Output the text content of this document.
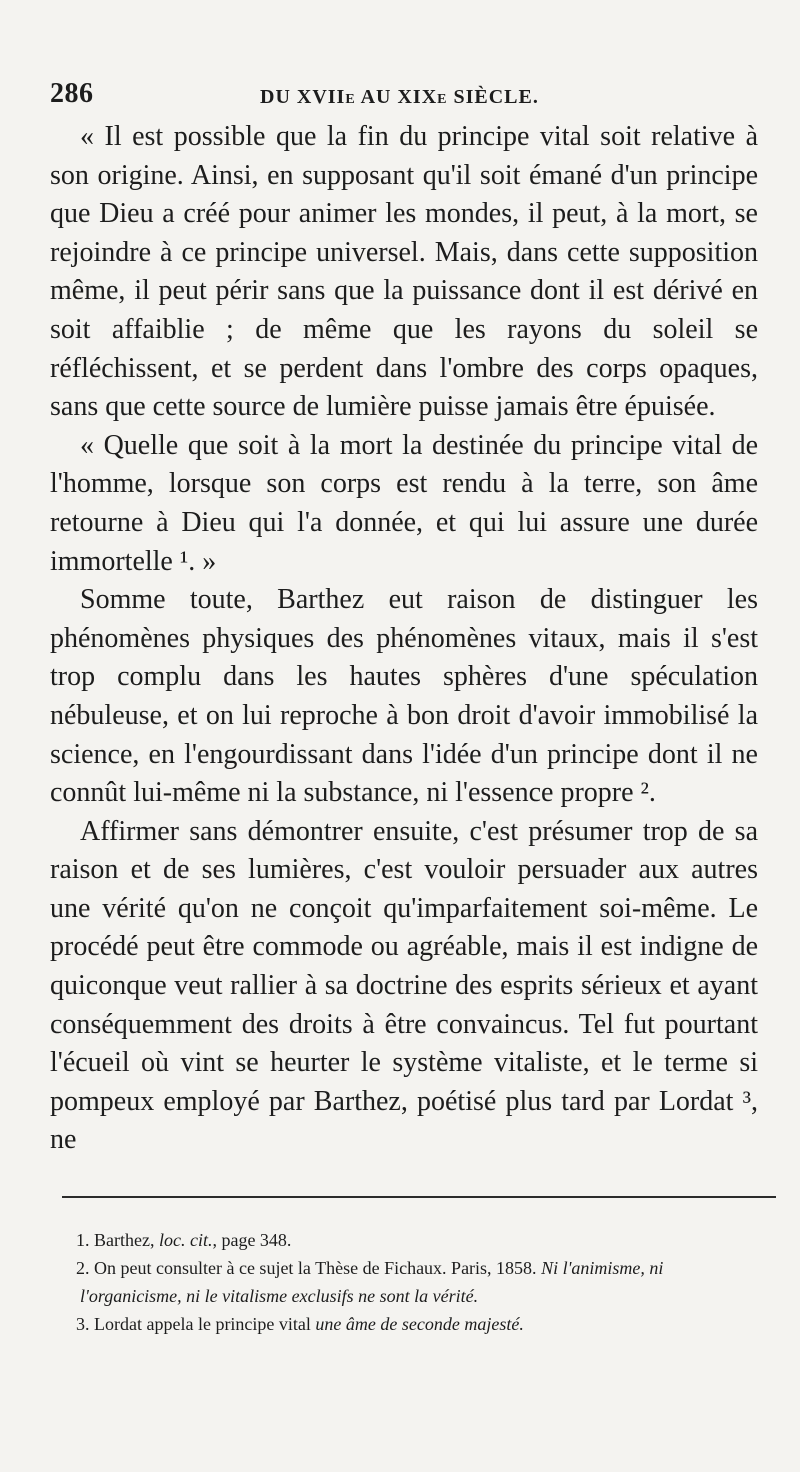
286	DU XVIIe AU XIXe SIÈCLE.

« Il est possible que la fin du principe vital soit relative à son origine. Ainsi, en supposant qu'il soit émané d'un principe que Dieu a créé pour animer les mondes, il peut, à la mort, se rejoindre à ce principe universel. Mais, dans cette supposition même, il peut périr sans que la puissance dont il est dérivé en soit affaiblie ; de même que les rayons du soleil se réfléchissent, et se perdent dans l'ombre des corps opaques, sans que cette source de lumière puisse jamais être épuisée.

« Quelle que soit à la mort la destinée du principe vital de l'homme, lorsque son corps est rendu à la terre, son âme retourne à Dieu qui l'a donnée, et qui lui assure une durée immortelle ¹. »

Somme toute, Barthez eut raison de distinguer les phénomènes physiques des phénomènes vitaux, mais il s'est trop complu dans les hautes sphères d'une spéculation nébuleuse, et on lui reproche à bon droit d'avoir immobilisé la science, en l'engourdissant dans l'idée d'un principe dont il ne connût lui-même ni la substance, ni l'essence propre ².

Affirmer sans démontrer ensuite, c'est présumer trop de sa raison et de ses lumières, c'est vouloir persuader aux autres une vérité qu'on ne conçoit qu'imparfaitement soi-même. Le procédé peut être commode ou agréable, mais il est indigne de quiconque veut rallier à sa doctrine des esprits sérieux et ayant conséquemment des droits à être convaincus. Tel fut pourtant l'écueil où vint se heurter le système vitaliste, et le terme si pompeux employé par Barthez, poétisé plus tard par Lordat ³, ne

1. Barthez, loc. cit., page 348.

2. On peut consulter à ce sujet la Thèse de Fichaux. Paris, 1858. Ni l'animisme, ni l'organicisme, ni le vitalisme exclusifs ne sont la vérité.

3. Lordat appela le principe vital une âme de seconde majesté.
